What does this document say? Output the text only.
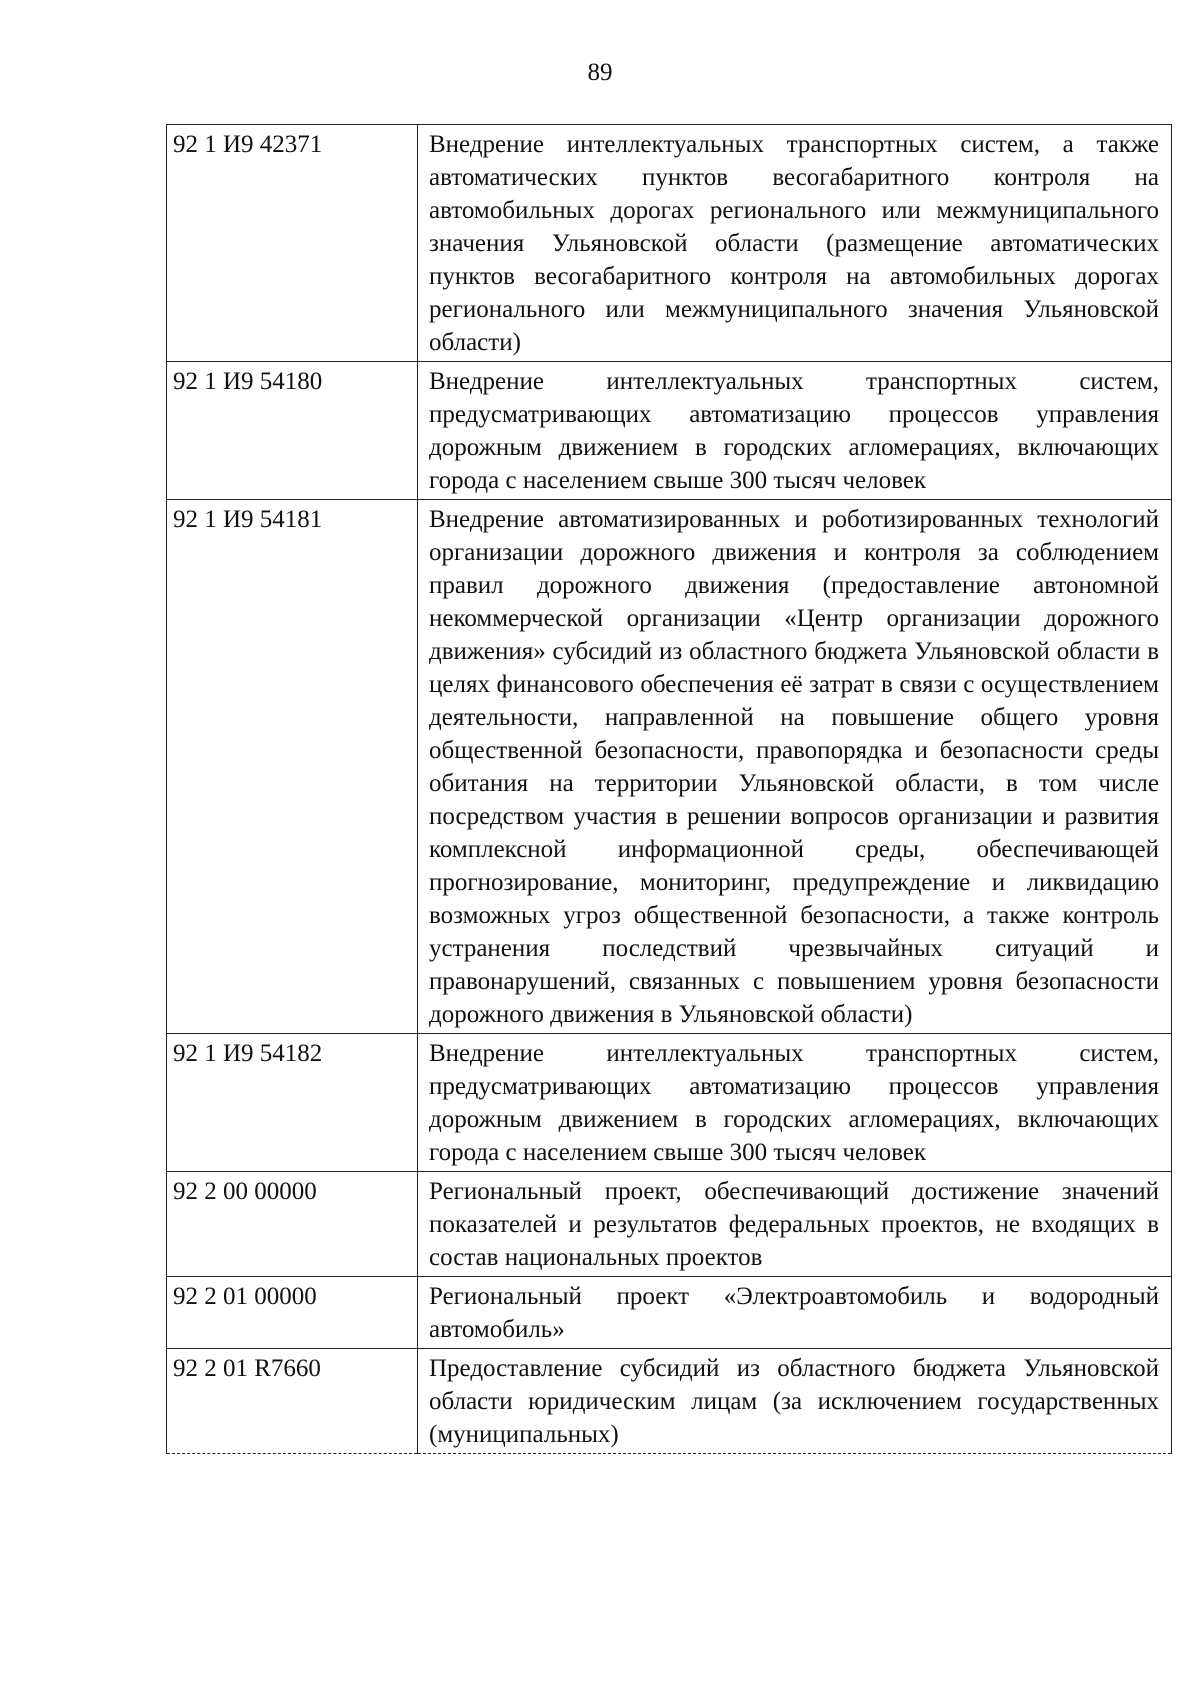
89
92 1 И9 42371	Внедрение интеллектуальных транспортных систем, а также автоматических пунктов весогабаритного контроля на автомобильных дорогах регионального или межмуниципального значения Ульяновской области (размещение автоматических пунктов весогабаритного контроля на автомобильных дорогах регионального или межмуниципального значения Ульяновской области)
92 1 И9 54180	Внедрение интеллектуальных транспортных систем, предусматривающих автоматизацию процессов управления дорожным движением в городских агломерациях, включающих города с населением свыше 300 тысяч человек
92 1 И9 54181	Внедрение автоматизированных и роботизированных технологий организации дорожного движения и контроля за соблюдением правил дорожного движения (предоставление автономной некоммерческой организации «Центр организации дорожного движения» субсидий из областного бюджета Ульяновской области в целях финансового обеспечения её затрат в связи с осуществлением деятельности, направленной на повышение общего уровня общественной безопасности, правопорядка и безопасности среды обитания на территории Ульяновской области, в том числе посредством участия в решении вопросов организации и развития комплексной информационной среды, обеспечивающей прогнозирование, мониторинг, предупреждение и ликвидацию возможных угроз общественной безопасности, а также контроль устранения последствий чрезвычайных ситуаций и правонарушений, связанных с повышением уровня безопасности дорожного движения в Ульяновской области)
92 1 И9 54182	Внедрение интеллектуальных транспортных систем, предусматривающих автоматизацию процессов управления дорожным движением в городских агломерациях, включающих города с населением свыше 300 тысяч человек
92 2 00 00000	Региональный проект, обеспечивающий достижение значений показателей и результатов федеральных проектов, не входящих в состав национальных проектов
92 2 01 00000	Региональный проект «Электроавтомобиль и водородный автомобиль»
92 2 01 R7660	Предоставление субсидий из областного бюджета Ульяновской области юридическим лицам (за исключением государственных (муниципальных)
